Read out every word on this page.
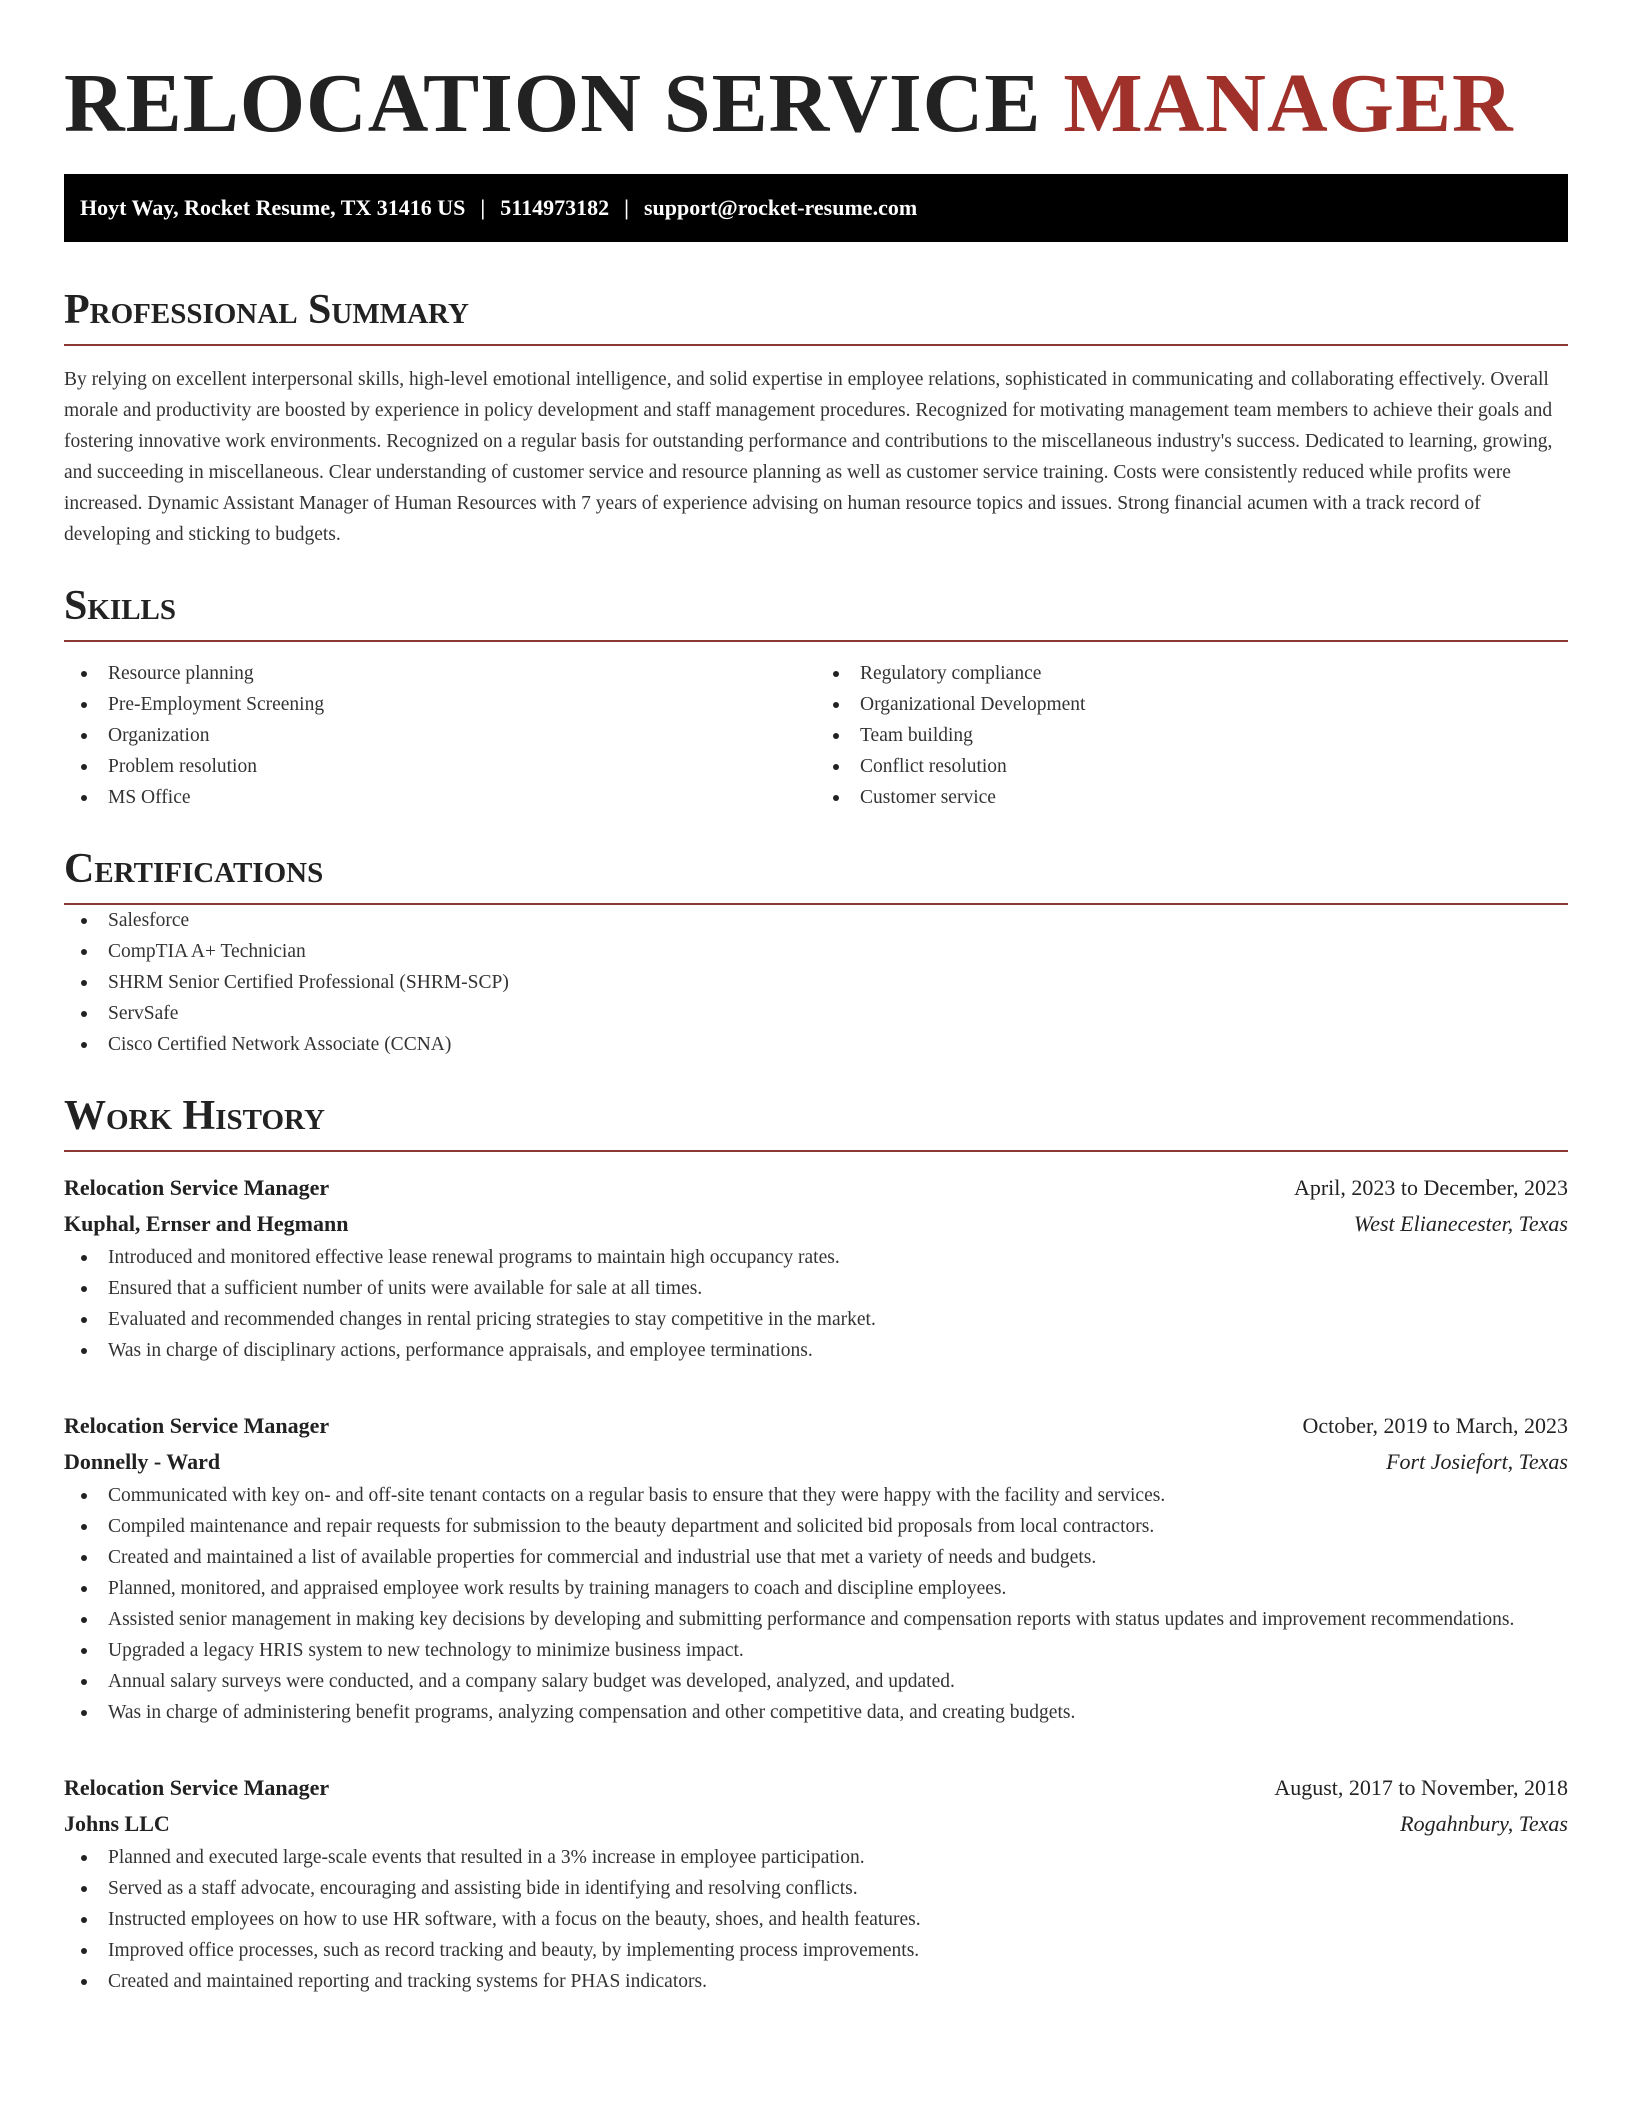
RELOCATION SERVICE MANAGER
Hoyt Way, Rocket Resume, TX 31416 US | 5114973182 | support@rocket-resume.com
Professional Summary

By relying on excellent interpersonal skills, high-level emotional intelligence, and solid expertise in employee relations, sophisticated in communicating and collaborating effectively. Overall morale and productivity are boosted by experience in policy development and staff management procedures. Recognized for motivating management team members to achieve their goals and fostering innovative work environments. Recognized on a regular basis for outstanding performance and contributions to the miscellaneous industry's success. Dedicated to learning, growing, and succeeding in miscellaneous. Clear understanding of customer service and resource planning as well as customer service training. Costs were consistently reduced while profits were increased. Dynamic Assistant Manager of Human Resources with 7 years of experience advising on human resource topics and issues. Strong financial acumen with a track record of developing and sticking to budgets.

Skills
Resource planning
Pre-Employment Screening
Organization
Problem resolution
MS Office
Regulatory compliance
Organizational Development
Team building
Conflict resolution
Customer service
Certifications
Salesforce
CompTIA A+ Technician
SHRM Senior Certified Professional (SHRM-SCP)
ServSafe
Cisco Certified Network Associate (CCNA)
Work History
Relocation Service Manager	April, 2023 to December, 2023
Kuphal, Ernser and Hegmann	West Elianecester, Texas
Introduced and monitored effective lease renewal programs to maintain high occupancy rates.
Ensured that a sufficient number of units were available for sale at all times.
Evaluated and recommended changes in rental pricing strategies to stay competitive in the market.
Was in charge of disciplinary actions, performance appraisals, and employee terminations.
Relocation Service Manager	October, 2019 to March, 2023
Donnelly - Ward	Fort Josiefort, Texas
Communicated with key on- and off-site tenant contacts on a regular basis to ensure that they were happy with the facility and services.
Compiled maintenance and repair requests for submission to the beauty department and solicited bid proposals from local contractors.
Created and maintained a list of available properties for commercial and industrial use that met a variety of needs and budgets.
Planned, monitored, and appraised employee work results by training managers to coach and discipline employees.
Assisted senior management in making key decisions by developing and submitting performance and compensation reports with status updates and improvement recommendations.
Upgraded a legacy HRIS system to new technology to minimize business impact.
Annual salary surveys were conducted, and a company salary budget was developed, analyzed, and updated.
Was in charge of administering benefit programs, analyzing compensation and other competitive data, and creating budgets.
Relocation Service Manager	August, 2017 to November, 2018
Johns LLC	Rogahnbury, Texas
Planned and executed large-scale events that resulted in a 3% increase in employee participation.
Served as a staff advocate, encouraging and assisting bide in identifying and resolving conflicts.
Instructed employees on how to use HR software, with a focus on the beauty, shoes, and health features.
Improved office processes, such as record tracking and beauty, by implementing process improvements.
Created and maintained reporting and tracking systems for PHAS indicators.
